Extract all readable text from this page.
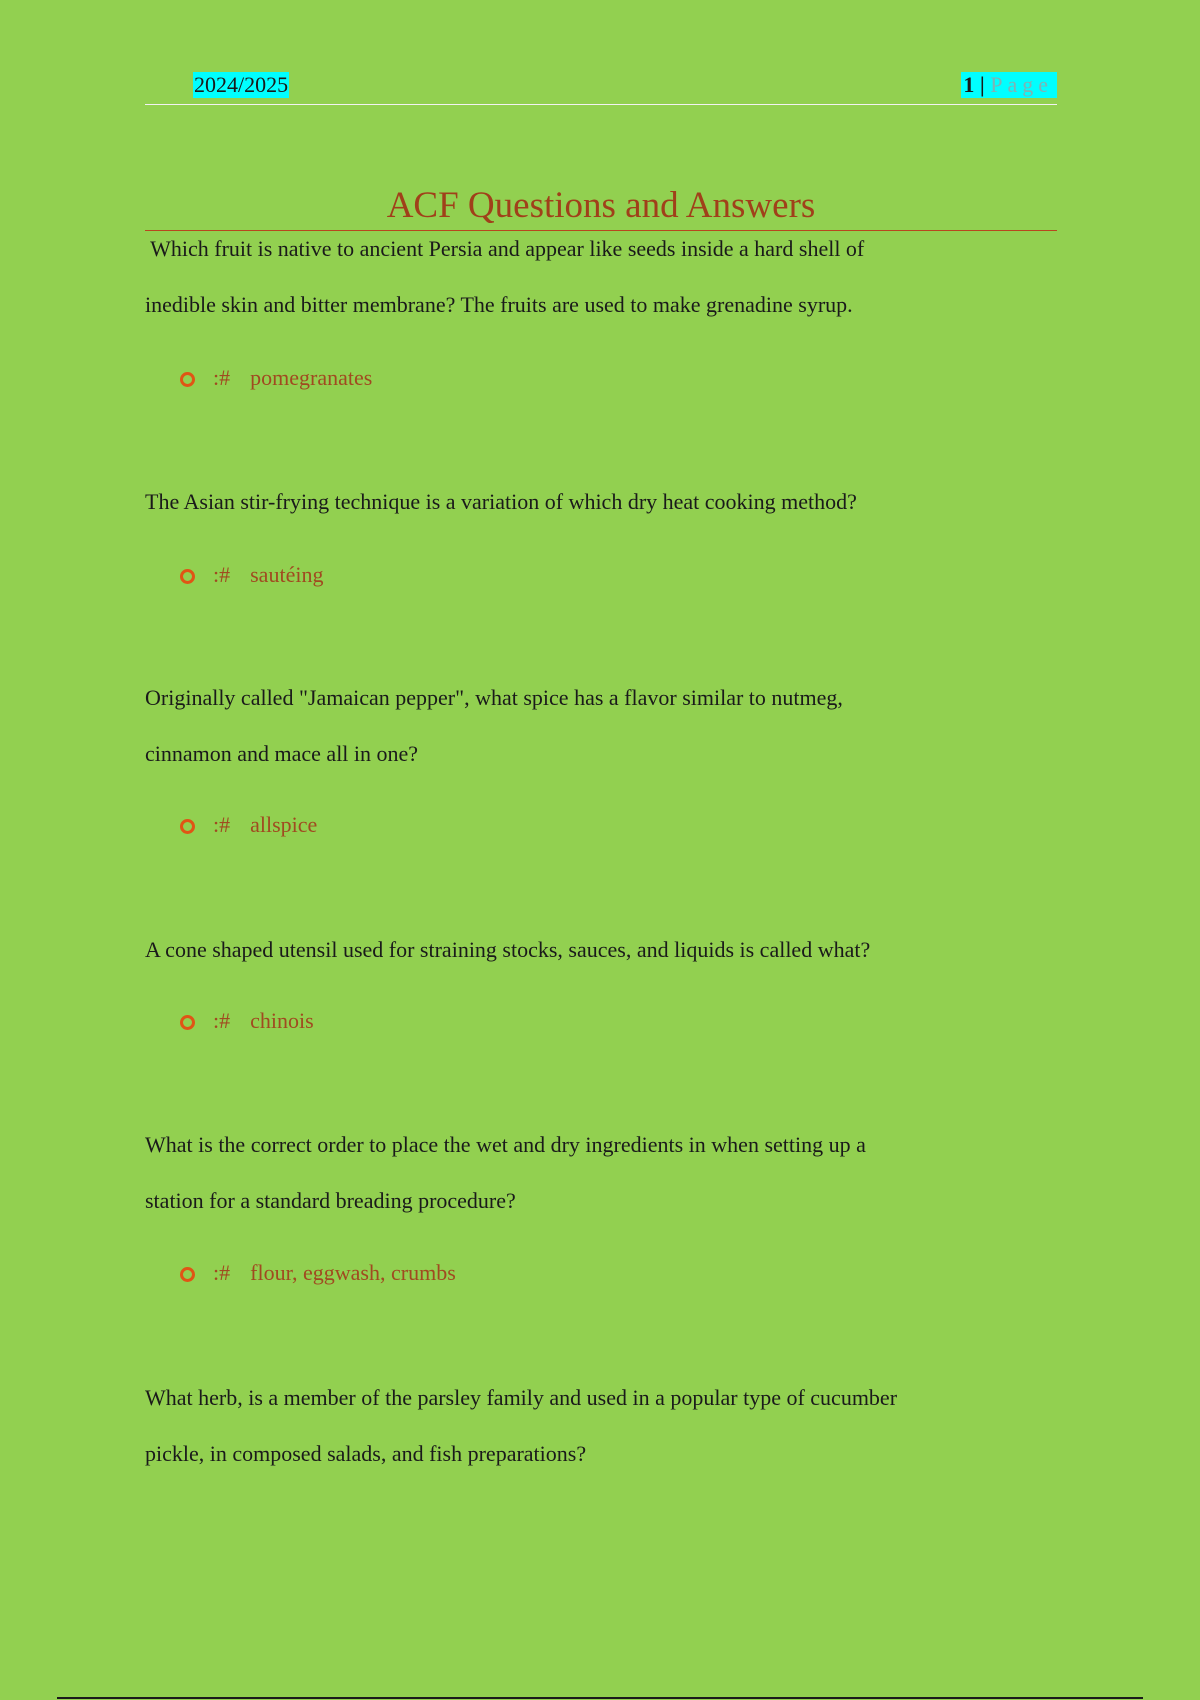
2024/2025	1 | Page
ACF Questions and Answers
Which fruit is native to ancient Persia and appear like seeds inside a hard shell of
inedible skin and bitter membrane? The fruits are used to make grenadine syrup.
:# pomegranates
The Asian stir-frying technique is a variation of which dry heat cooking method?
:# sautéing
Originally called "Jamaican pepper", what spice has a flavor similar to nutmeg,
cinnamon and mace all in one?
:# allspice
A cone shaped utensil used for straining stocks, sauces, and liquids is called what?
:# chinois
What is the correct order to place the wet and dry ingredients in when setting up a
station for a standard breading procedure?
:# flour, eggwash, crumbs
What herb, is a member of the parsley family and used in a popular type of cucumber
pickle, in composed salads, and fish preparations?
